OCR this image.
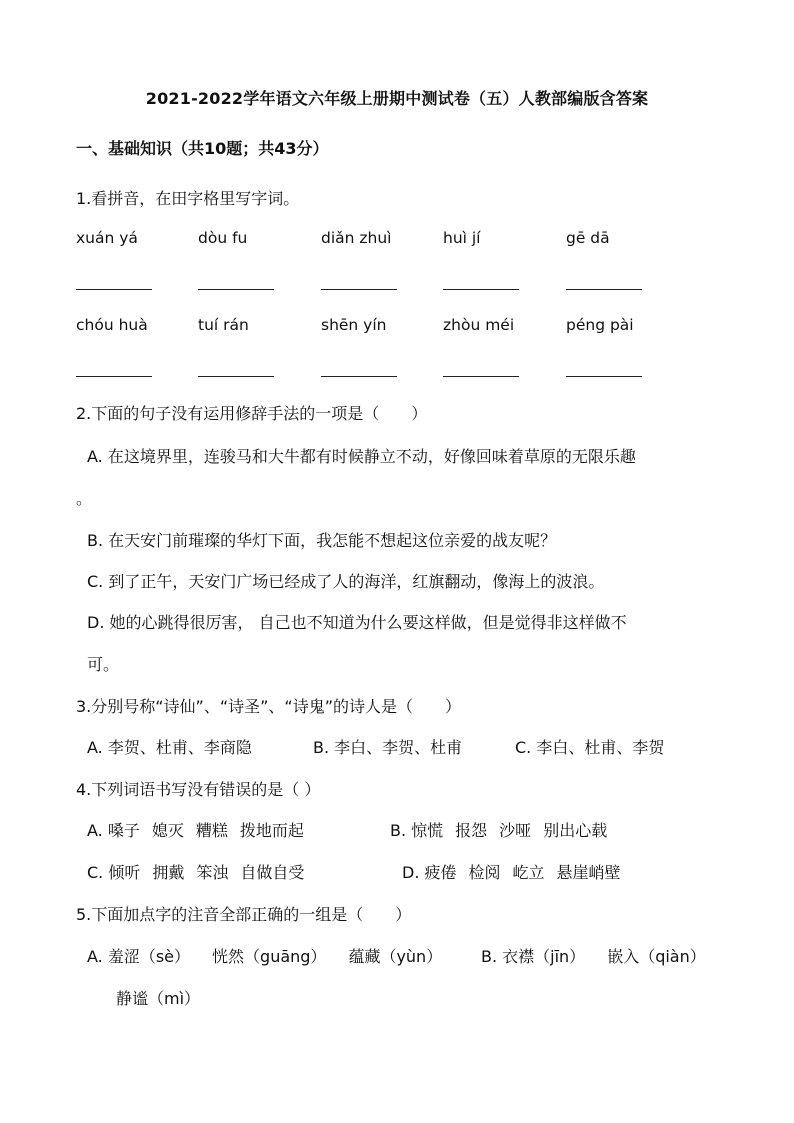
2021-2022学年语文六年级上册期中测试卷（五）人教部编版含答案
一、基础知识（共10题；共43分）
1.看拼音，在田字格里写字词。
xuán yá	dòu fu	diǎn zhuì	huì jí	gē dā
chóu huà	tuí rán	shēn yín	zhòu méi	péng pài
2.下面的句子没有运用修辞手法的一项是（　　）
A. 在这境界里，连骏马和大牛都有时候静立不动，好像回味着草原的无限乐趣
。
B. 在天安门前璀璨的华灯下面，我怎能不想起这位亲爱的战友呢？
C. 到了正午，天安门广场已经成了人的海洋，红旗翻动，像海上的波浪。
D. 她的心跳得很厉害， 自己也不知道为什么要这样做，但是觉得非这样做不
可。
3.分别号称“诗仙”、“诗圣”、“诗鬼”的诗人是（　　）
A. 李贺、杜甫、李商隐	B. 李白、李贺、杜甫	C. 李白、杜甫、李贺
4.下列词语书写没有错误的是（ ）
A. 嗓子 媳灭 糟糕 拨地而起	B. 惊慌 报怨 沙哑 别出心载
C. 倾听 拥戴 笨浊 自做自受	D. 疲倦 检阅 屹立 悬崖峭壁
5.下面加点字的注音全部正确的一组是（　　）
A. 羞涩（sè） 恍然（guāng） 蕴藏（yùn）	B. 衣襟（jīn） 嵌入（qiàn）
静谧（mì）
